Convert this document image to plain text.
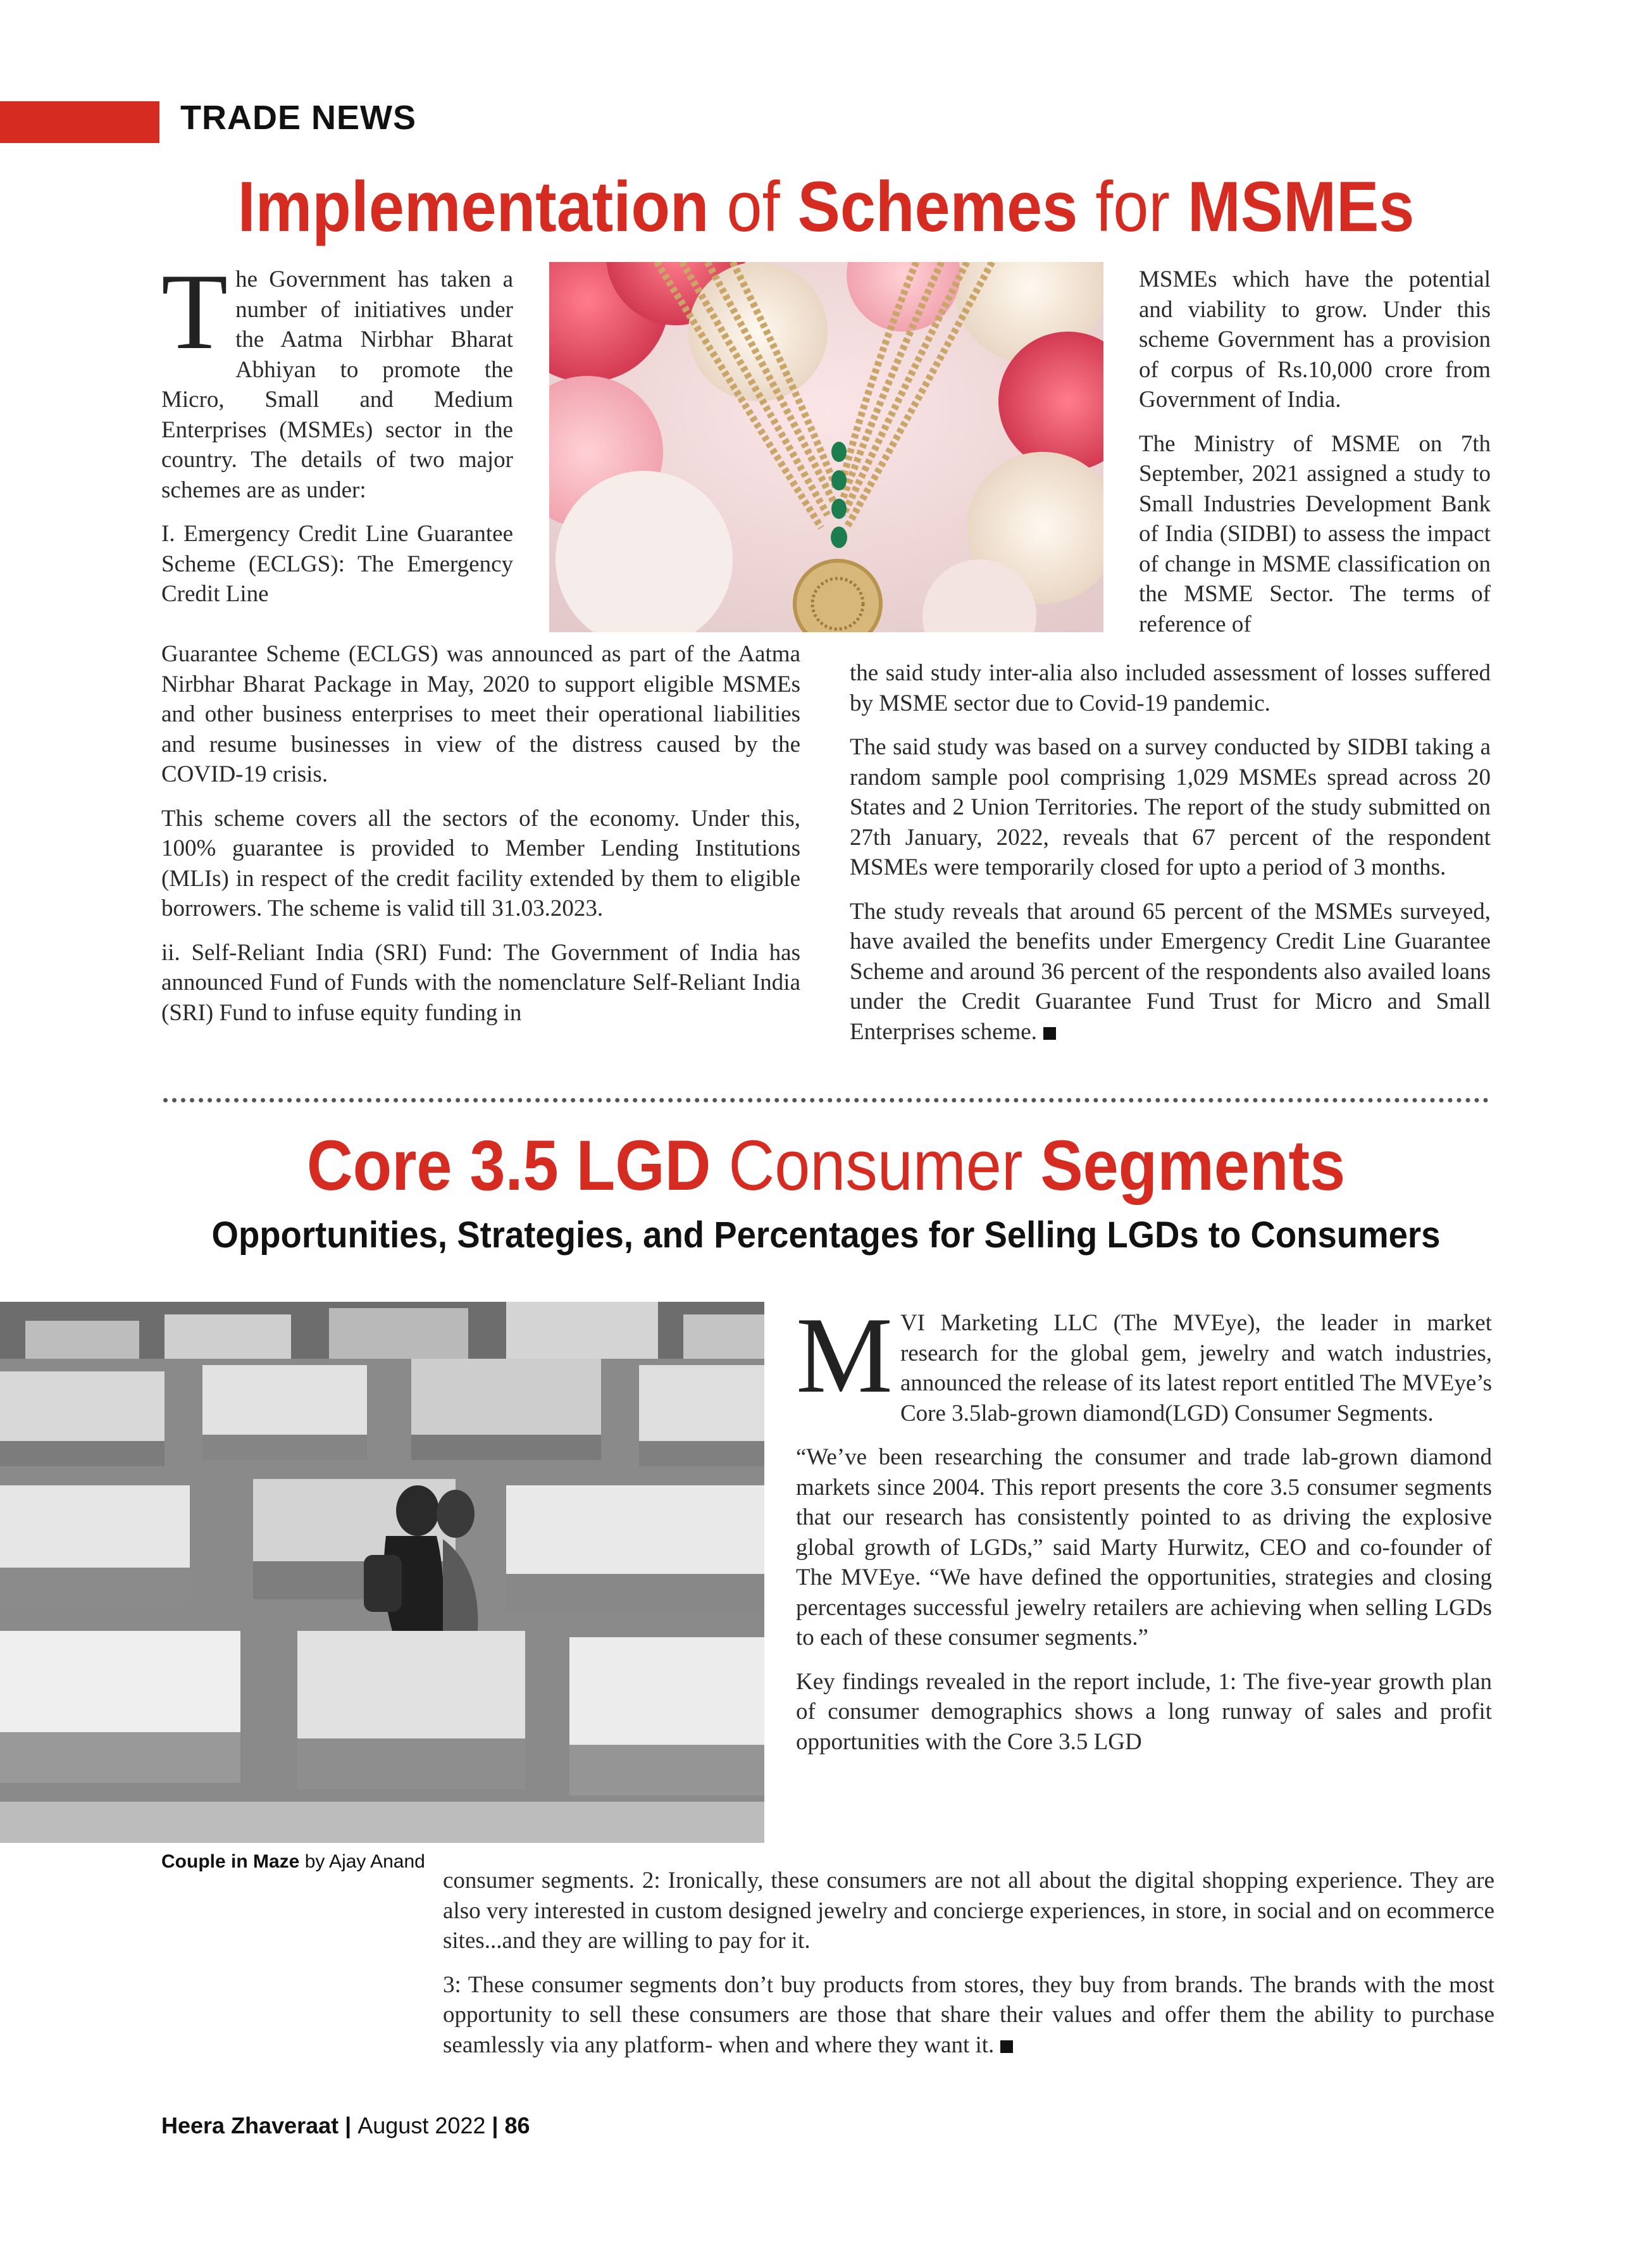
TRADE NEWS
Implementation of Schemes for MSMEs

The Government has taken a number of initiatives under the Aatma Nirbhar Bharat Abhiyan to promote the Micro, Small and Medium Enterprises (MSMEs) sector in the country. The details of two major schemes are as under:

I. Emergency Credit Line Guarantee Scheme (ECLGS): The Emergency Credit Line

MSMEs which have the potential and viability to grow. Under this scheme Government has a provision of corpus of Rs.10,000 crore from Government of India.

The Ministry of MSME on 7th September, 2021 assigned a study to Small Industries Development Bank of India (SIDBI) to assess the impact of change in MSME classification on the MSME Sector. The terms of reference of

Guarantee Scheme (ECLGS) was announced as part of the Aatma Nirbhar Bharat Package in May, 2020 to support eligible MSMEs and other business enterprises to meet their operational liabilities and resume businesses in view of the distress caused by the COVID-19 crisis.

This scheme covers all the sectors of the economy. Under this, 100% guarantee is provided to Member Lending Institutions (MLIs) in respect of the credit facility extended by them to eligible borrowers. The scheme is valid till 31.03.2023.

ii. Self-Reliant India (SRI) Fund: The Government of India has announced Fund of Funds with the nomenclature Self-Reliant India (SRI) Fund to infuse equity funding in

the said study inter-alia also included assessment of losses suffered by MSME sector due to Covid-19 pandemic.

The said study was based on a survey conducted by SIDBI taking a random sample pool comprising 1,029 MSMEs spread across 20 States and 2 Union Territories. The report of the study submitted on 27th January, 2022, reveals that 67 percent of the respondent MSMEs were temporarily closed for upto a period of 3 months.

The study reveals that around 65 percent of the MSMEs surveyed, have availed the benefits under Emergency Credit Line Guarantee Scheme and around 36 percent of the respondents also availed loans under the Credit Guarantee Fund Trust for Micro and Small Enterprises scheme.

Core 3.5 LGD Consumer Segments
Opportunities, Strategies, and Percentages for Selling LGDs to Consumers

MVI Marketing LLC (The MVEye), the leader in market research for the global gem, jewelry and watch industries, announced the release of its latest report entitled The MVEye’s Core 3.5lab-grown diamond(LGD) Consumer Segments.

“We’ve been researching the consumer and trade lab-grown diamond markets since 2004. This report presents the core 3.5 consumer segments that our research has consistently pointed to as driving the explosive global growth of LGDs,” said Marty Hurwitz, CEO and co-founder of The MVEye. “We have defined the opportunities, strategies and closing percentages successful jewelry retailers are achieving when selling LGDs to each of these consumer segments.”

Key findings revealed in the report include, 1: The five-year growth plan of consumer demographics shows a long runway of sales and profit opportunities with the Core 3.5 LGD

Couple in Maze by Ajay Anand

consumer segments. 2: Ironically, these consumers are not all about the digital shopping experience. They are also very interested in custom designed jewelry and concierge experiences, in store, in social and on ecommerce sites...and they are willing to pay for it.

3: These consumer segments don’t buy products from stores, they buy from brands. The brands with the most opportunity to sell these consumers are those that share their values and offer them the ability to purchase seamlessly via any platform- when and where they want it.

Heera Zhaveraat | August 2022 | 86
